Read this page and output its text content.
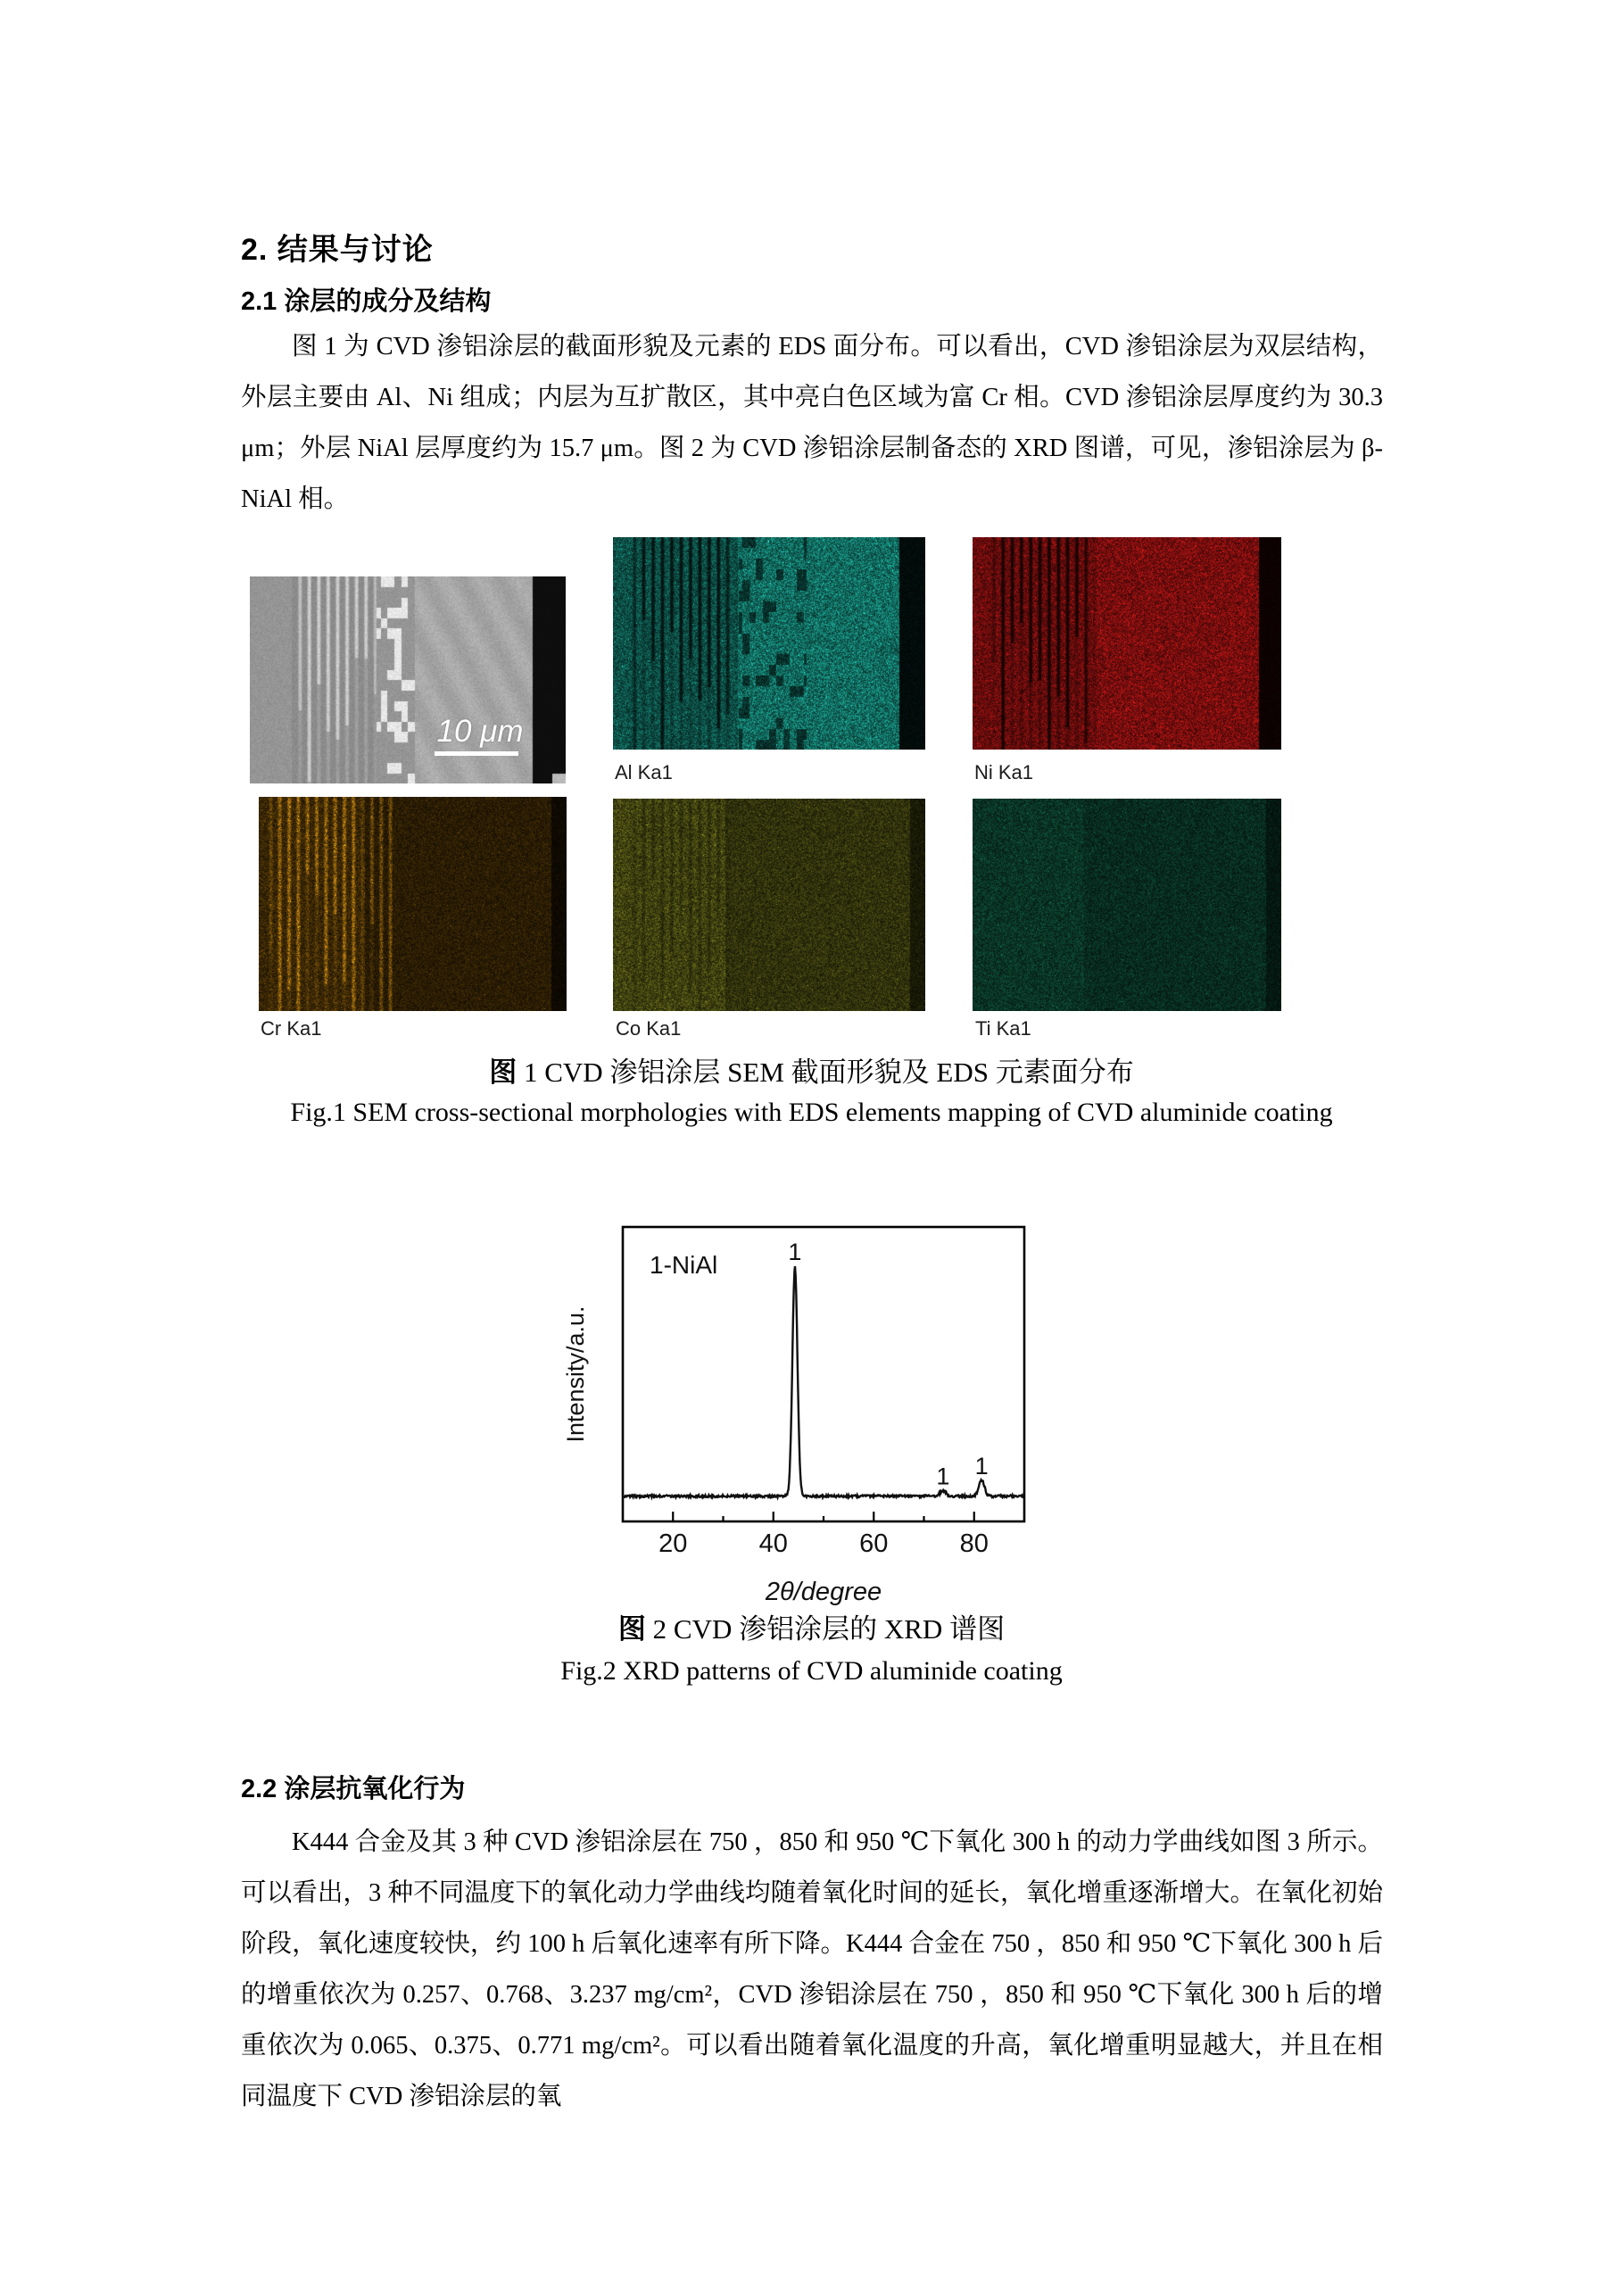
2. 结果与讨论
2.1 涂层的成分及结构
图 1 为 CVD 渗铝涂层的截面形貌及元素的 EDS 面分布。可以看出，CVD 渗铝涂层为双层结构，外层主要由 Al、Ni 组成；内层为互扩散区，其中亮白色区域为富 Cr 相。CVD 渗铝涂层厚度约为 30.3 μm；外层 NiAl 层厚度约为 15.7 μm。图 2 为 CVD 渗铝涂层制备态的 XRD 图谱，可见，渗铝涂层为 β-NiAl 相。
10 μm
Al Ka1	Ni Ka1
Cr Ka1	Co Ka1	Ti Ka1
图 1 CVD 渗铝涂层 SEM 截面形貌及 EDS 元素面分布
Fig.1 SEM cross-sectional morphologies with EDS elements mapping of CVD aluminide coating
20	40	60	80
1
1 1
1-NiAl
Intensity/a.u.
2θ/degree
图 2 CVD 渗铝涂层的 XRD 谱图
Fig.2 XRD patterns of CVD aluminide coating
2.2 涂层抗氧化行为
K444 合金及其 3 种 CVD 渗铝涂层在 750 ，850 和 950 ℃下氧化 300 h 的动力学曲线如图 3 所示。可以看出，3 种不同温度下的氧化动力学曲线均随着氧化时间的延长，氧化增重逐渐增大。在氧化初始阶段，氧化速度较快，约 100 h 后氧化速率有所下降。K444 合金在 750 ，850 和 950 ℃下氧化 300 h 后的增重依次为 0.257、0.768、3.237 mg/cm²，CVD 渗铝涂层在 750 ，850 和 950 ℃下氧化 300 h 后的增重依次为 0.065、0.375、0.771 mg/cm²。可以看出随着氧化温度的升高，氧化增重明显越大，并且在相同温度下 CVD 渗铝涂层的氧
